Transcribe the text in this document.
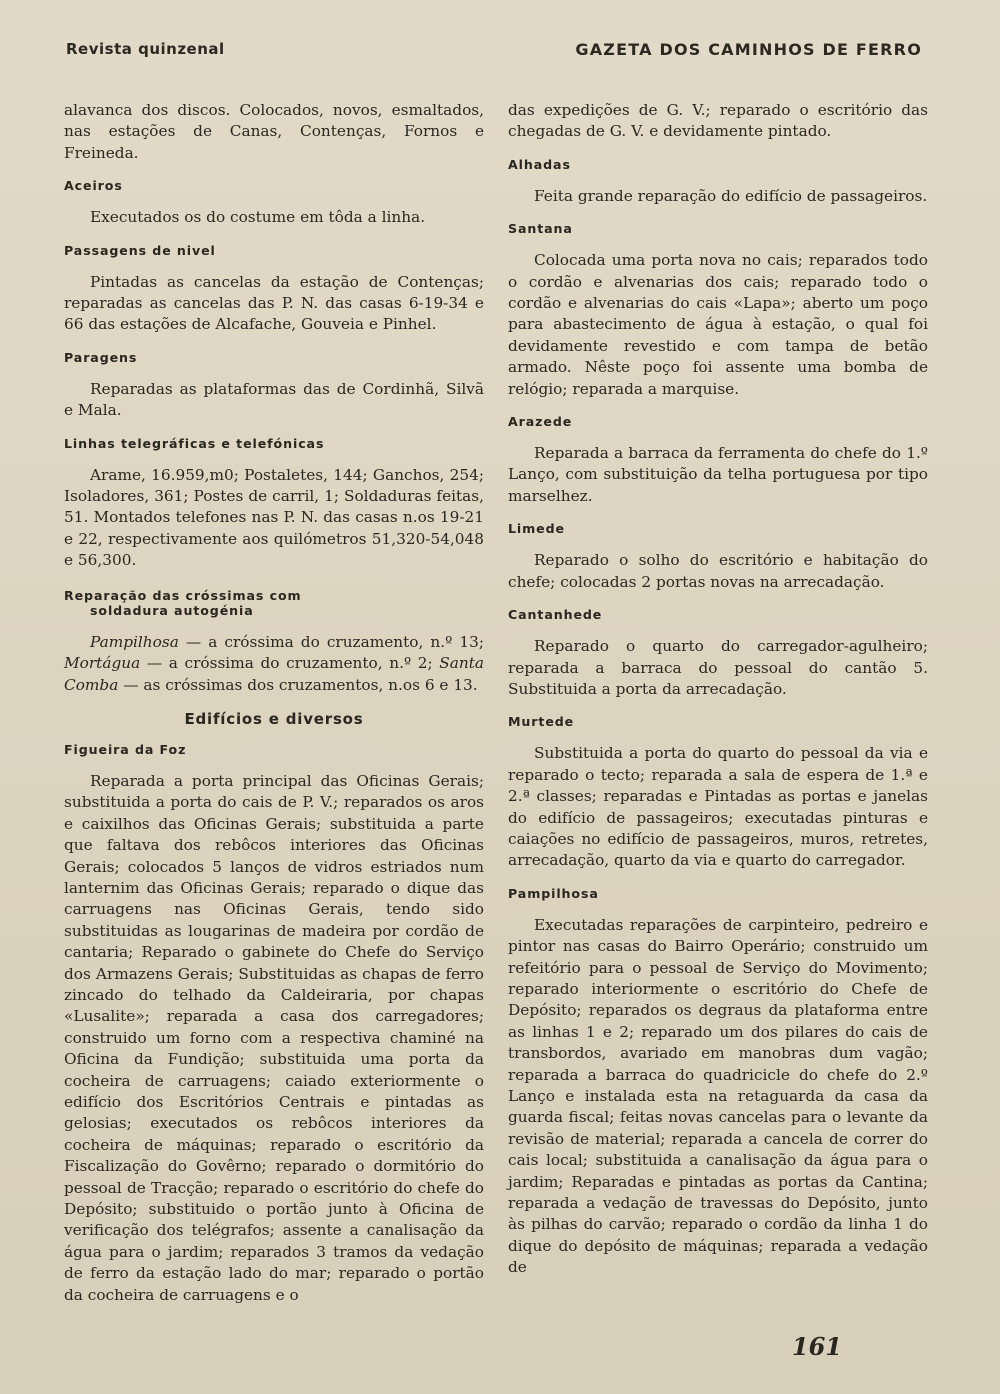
Revista quinzenal	GAZETA DOS CAMINHOS DE FERRO

alavanca dos discos. Colocados, novos, esmaltados, nas estações de Canas, Contenças, Fornos e Freineda.

Aceiros

Executados os do costume em tôda a linha.

Passagens de nivel

Pintadas as cancelas da estação de Contenças; reparadas as cancelas das P. N. das casas 6-19-34 e 66 das estações de Alcafache, Gouveia e Pinhel.

Paragens

Reparadas as plataformas das de Cordinhã, Silvã e Mala.

Linhas telegráficas e telefónicas

Arame, 16.959,m0; Postaletes, 144; Ganchos, 254; Isoladores, 361; Postes de carril, 1; Soldaduras feitas, 51. Montados telefones nas P. N. das casas n.os 19-21 e 22, respectivamente aos quilómetros 51,320-54,048 e 56,300.

Reparação das cróssimas com
soldadura autogénia

Pampilhosa — a cróssima do cruzamento, n.º 13; Mortágua — a cróssima do cruzamento, n.º 2; Santa Comba — as cróssimas dos cruzamentos, n.os 6 e 13.

Edifícios e diversos
Figueira da Foz

Reparada a porta principal das Oficinas Gerais; substituida a porta do cais de P. V.; reparados os aros e caixilhos das Oficinas Gerais; substituida a parte que faltava dos rebôcos interiores das Oficinas Gerais; colocados 5 lanços de vidros estriados num lanternim das Oficinas Gerais; reparado o dique das carruagens nas Oficinas Gerais, tendo sido substituidas as lougarinas de madeira por cordão de cantaria; Reparado o gabinete do Chefe do Serviço dos Armazens Gerais; Substituidas as chapas de ferro zincado do telhado da Caldeiraria, por chapas «Lusalite»; reparada a casa dos carregadores; construido um forno com a respectiva chaminé na Oficina da Fundição; substituida uma porta da cocheira de carruagens; caiado exteriormente o edifício dos Escritórios Centrais e pintadas as gelosias; executados os rebôcos interiores da cocheira de máquinas; reparado o escritório da Fiscalização do Govêrno; reparado o dormitório do pessoal de Tracção; reparado o escritório do chefe do Depósito; substituido o portão junto à Oficina de verificação dos telégrafos; assente a canalisação da água para o jardim; reparados 3 tramos da vedação de ferro da estação lado do mar; reparado o portão da cocheira de carruagens e o

das expedições de G. V.; reparado o escritório das chegadas de G. V. e devidamente pintado.

Alhadas

Feita grande reparação do edifício de passageiros.

Santana

Colocada uma porta nova no cais; reparados todo o cordão e alvenarias dos cais; reparado todo o cordão e alvenarias do cais «Lapa»; aberto um poço para abastecimento de água à estação, o qual foi devidamente revestido e com tampa de betão armado. Nêste poço foi assente uma bomba de relógio; reparada a marquise.

Arazede

Reparada a barraca da ferramenta do chefe do 1.º Lanço, com substituição da telha portuguesa por tipo marselhez.

Limede

Reparado o solho do escritório e habitação do chefe; colocadas 2 portas novas na arrecadação.

Cantanhede

Reparado o quarto do carregador-agulheiro; reparada a barraca do pessoal do cantão 5. Substituida a porta da arrecadação.

Murtede

Substituida a porta do quarto do pessoal da via e reparado o tecto; reparada a sala de espera de 1.ª e 2.ª classes; reparadas e Pintadas as portas e janelas do edifício de passageiros; executadas pinturas e caiações no edifício de passageiros, muros, retretes, arrecadação, quarto da via e quarto do carregador.

Pampilhosa

Executadas reparações de carpinteiro, pedreiro e pintor nas casas do Bairro Operário; construido um refeitório para o pessoal de Serviço do Movimento; reparado interiormente o escritório do Chefe de Depósito; reparados os degraus da plataforma entre as linhas 1 e 2; reparado um dos pilares do cais de transbordos, avariado em manobras dum vagão; reparada a barraca do quadricicle do chefe do 2.º Lanço e instalada esta na retaguarda da casa da guarda fiscal; feitas novas cancelas para o levante da revisão de material; reparada a cancela de correr do cais local; substituida a canalisação da água para o jardim; Reparadas e pintadas as portas da Cantina; reparada a vedação de travessas do Depósito, junto às pilhas do carvão; reparado o cordão da linha 1 do dique do depósito de máquinas; reparada a vedação de

161
